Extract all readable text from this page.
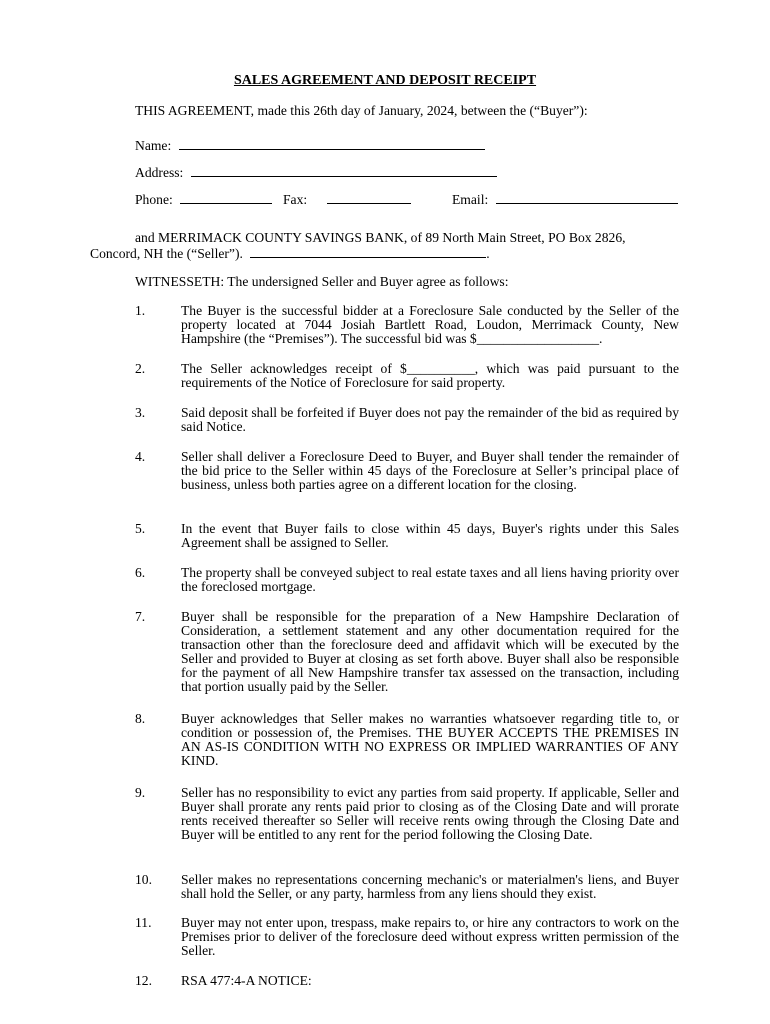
SALES AGREEMENT AND DEPOSIT RECEIPT
THIS AGREEMENT, made this 26th day of January, 2024, between the (“Buyer”):
Name:
Address:
Phone:	Fax:	Email:
and MERRIMACK COUNTY SAVINGS BANK, of 89 North Main Street, PO Box 2826,
Concord, NH the (“Seller”).	.
WITNESSETH: The undersigned Seller and Buyer agree as follows:
1.	The Buyer is the successful bidder at a Foreclosure Sale conducted by the Seller of the property located at 7044 Josiah Bartlett Road, Loudon, Merrimack County, New Hampshire (the “Premises”). The successful bid was $__________________.
2.	The Seller acknowledges receipt of $__________, which was paid pursuant to the requirements of the Notice of Foreclosure for said property.
3.	Said deposit shall be forfeited if Buyer does not pay the remainder of the bid as required by said Notice.
4.	Seller shall deliver a Foreclosure Deed to Buyer, and Buyer shall tender the remainder of the bid price to the Seller within 45 days of the Foreclosure at Seller’s principal place of business, unless both parties agree on a different location for the closing.
5.	In the event that Buyer fails to close within 45 days, Buyer's rights under this Sales Agreement shall be assigned to Seller.
6.	The property shall be conveyed subject to real estate taxes and all liens having priority over the foreclosed mortgage.
7.	Buyer shall be responsible for the preparation of a New Hampshire Declaration of Consideration, a settlement statement and any other documentation required for the transaction other than the foreclosure deed and affidavit which will be executed by the Seller and provided to Buyer at closing as set forth above. Buyer shall also be responsible for the payment of all New Hampshire transfer tax assessed on the transaction, including that portion usually paid by the Seller.
8.	Buyer acknowledges that Seller makes no warranties whatsoever regarding title to, or condition or possession of, the Premises. THE BUYER ACCEPTS THE PREMISES IN AN AS-IS CONDITION WITH NO EXPRESS OR IMPLIED WARRANTIES OF ANY KIND.
9.	Seller has no responsibility to evict any parties from said property. If applicable, Seller and Buyer shall prorate any rents paid prior to closing as of the Closing Date and will prorate rents received thereafter so Seller will receive rents owing through the Closing Date and Buyer will be entitled to any rent for the period following the Closing Date.
10. Seller makes no representations concerning mechanic's or materialmen's liens, and Buyer shall hold the Seller, or any party, harmless from any liens should they exist.
11. Buyer may not enter upon, trespass, make repairs to, or hire any contractors to work on the Premises prior to deliver of the foreclosure deed without express written permission of the Seller.
12. RSA 477:4-A NOTICE:
